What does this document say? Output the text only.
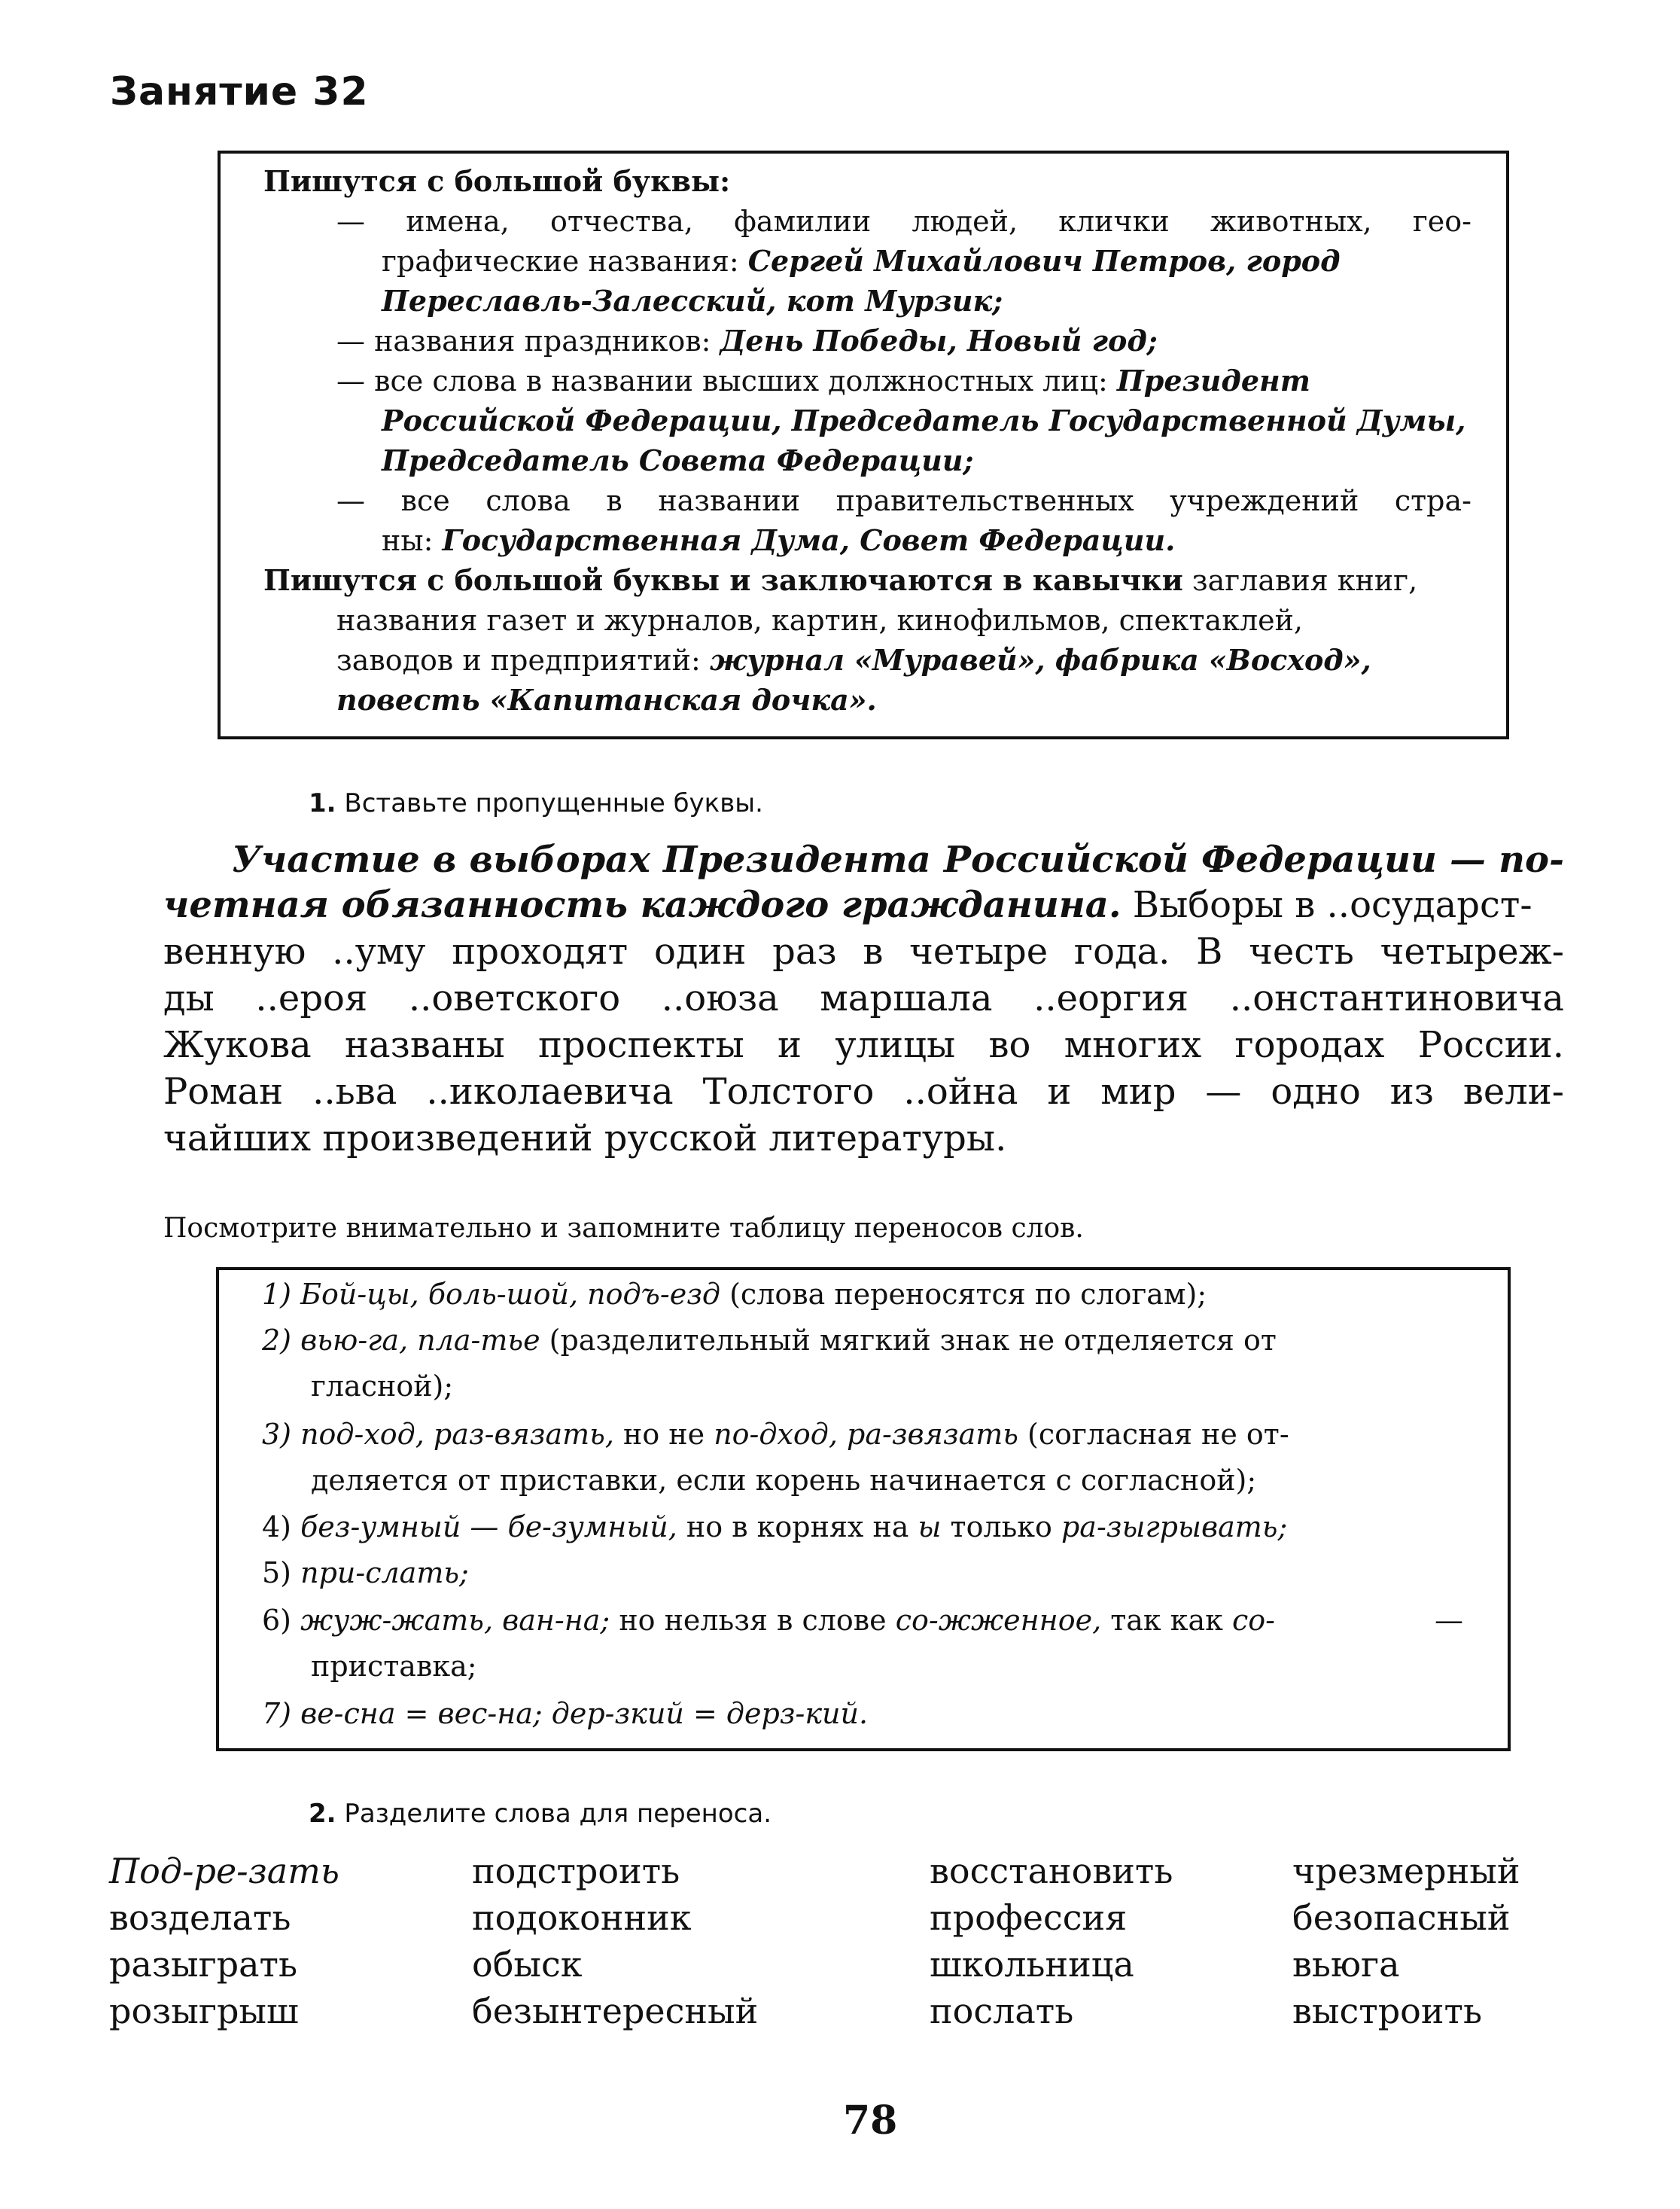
Занятие 32
Пишутся с большой буквы:
— имена, отчества, фамилии людей, клички животных, гео-
графические названия: Сергей Михайлович Петров, город
Переславль-Залесский, кот Мурзик;
— названия праздников: День Победы, Новый год;
— все слова в названии высших должностных лиц: Президент
Российской Федерации, Председатель Государственной Думы,
Председатель Совета Федерации;
— все слова в названии правительственных учреждений стра-
ны: Государственная Дума, Совет Федерации.
Пишутся с большой буквы и заключаются в кавычки заглавия книг,
названия газет и журналов, картин, кинофильмов, спектаклей,
заводов и предприятий: журнал «Муравей», фабрика «Восход»,
повесть «Капитанская дочка».
1. Вставьте пропущенные буквы.
Участие в выборах Президента Российской Федерации — по-
четная обязанность каждого гражданина. Выборы в ..осударст-
венную ..уму проходят один раз в четыре года. В честь четыреж-
ды ..ероя ..оветского ..оюза маршала ..еоргия ..онстантиновича
Жукова названы проспекты и улицы во многих городах России.
Роман ..ьва ..иколаевича Толстого ..ойна и мир — одно из вели-
чайших произведений русской литературы.
Посмотрите внимательно и запомните таблицу переносов слов.
1) Бой-цы, боль-шой, подъ-езд (слова переносятся по слогам);
2) вью-га, пла-тье (разделительный мягкий знак не отделяется от
гласной);
3) под-ход, раз-вязать, но не по-дход, ра-звязать (согласная не от-
деляется от приставки, если корень начинается с согласной);
4) без-умный — бе-зумный, но в корнях на ы только ра-зыгрывать;
5) при-слать;
6) жуж-жать, ван-на; но нельзя в слове со-жженное, так как со-	—
приставка;
7) ве-сна = вес-на; дер-зкий = дерз-кий.
2. Разделите слова для переноса.
Под-ре-зать
возделать
разыграть
розыгрыш
подстроить
подоконник
обыск
безынтересный
восстановить
профессия
школьница
послать
чрезмерный
безопасный
вьюга
выстроить
78
